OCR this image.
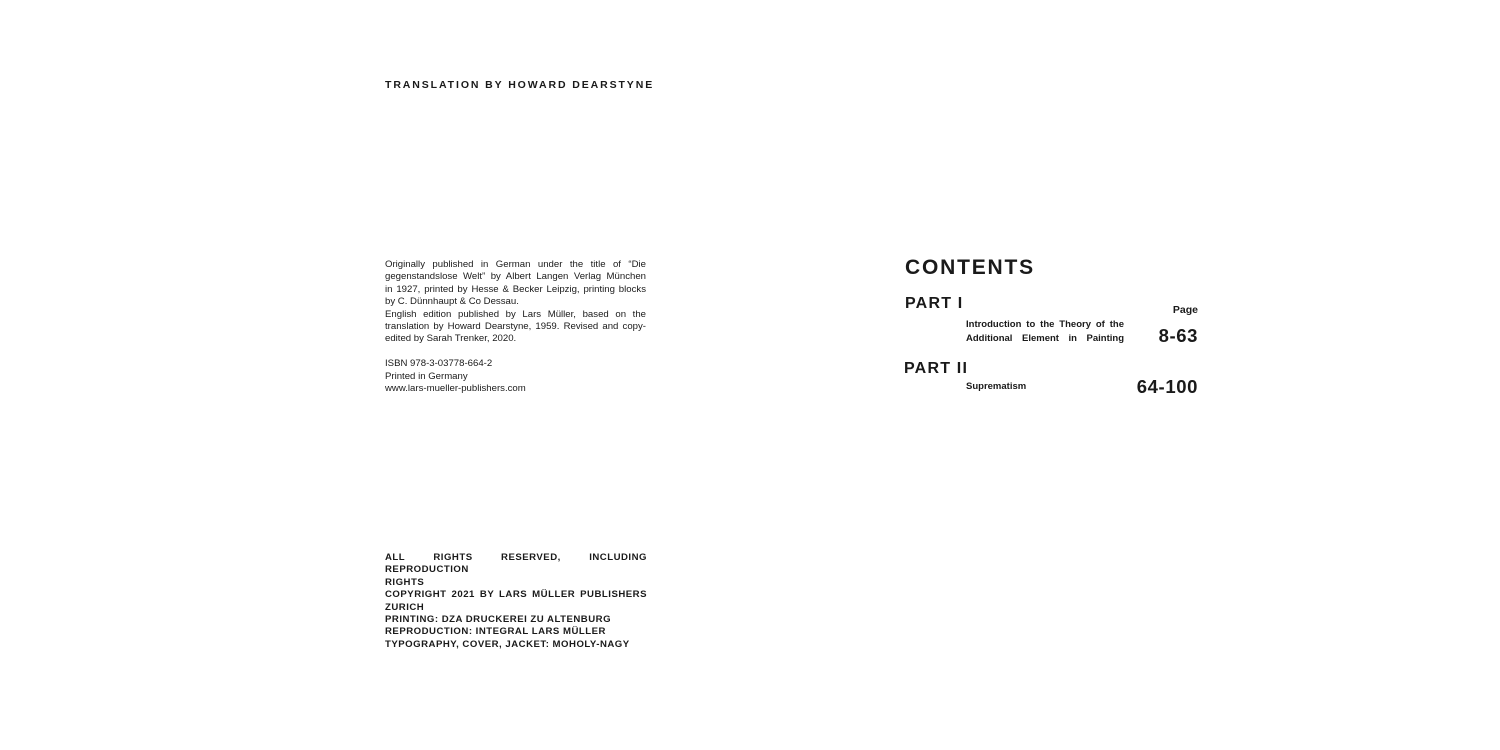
TRANSLATION BY HOWARD DEARSTYNE

Originally published in German under the title of “Die

gegenstandslose Welt” by Albert Langen Verlag München

in 1927, printed by Hesse & Becker Leipzig, printing blocks

by C. Dünnhaupt & Co Dessau.

English edition published by Lars Müller, based on the

translation by Howard Dearstyne, 1959. Revised and copy-

edited by Sarah Trenker, 2020.

ISBN 978-3-03778-664-2

Printed in Germany

www.lars-mueller-publishers.com

ALL RIGHTS RESERVED, INCLUDING REPRODUCTION
RIGHTS
COPYRIGHT 2021 BY LARS MÜLLER PUBLISHERS
ZURICH
PRINTING: DZA DRUCKEREI ZU ALTENBURG
REPRODUCTION: INTEGRAL LARS MÜLLER
TYPOGRAPHY, COVER, JACKET: MOHOLY-NAGY
CONTENTS
PART I	Page
Introduction to the Theory of the
Additional Element in Painting	8-63
PART II
Suprematism	64-100
